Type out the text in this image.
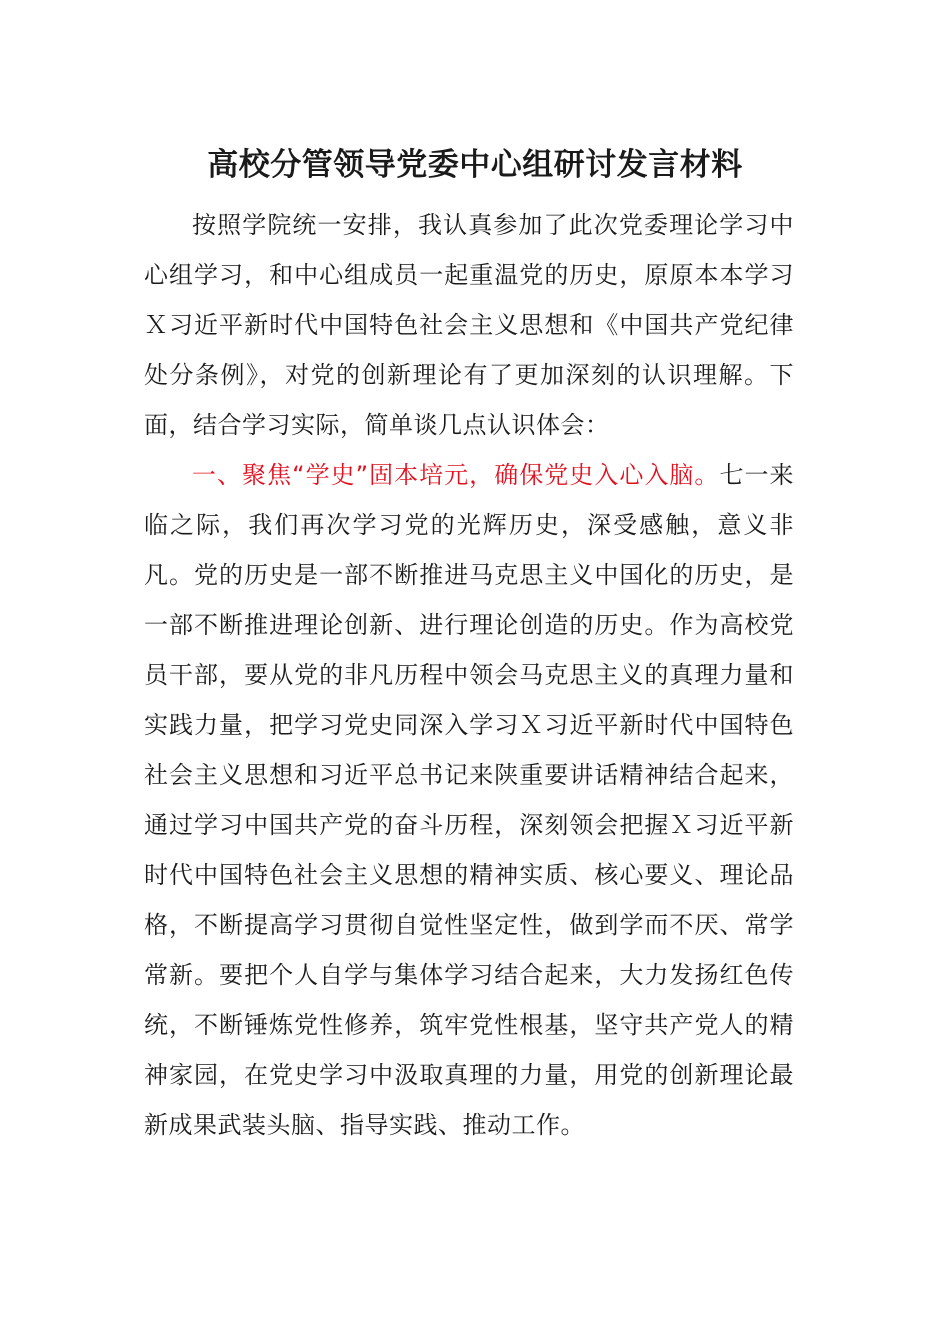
高校分管领导党委中心组研讨发言材料

按照学院统一安排，我认真参加了此次党委理论学习中心组学习，和中心组成员一起重温党的历史，原原本本学习Ｘ习近平新时代中国特色社会主义思想和《中国共产党纪律处分条例》，对党的创新理论有了更加深刻的认识理解。下面，结合学习实际，简单谈几点认识体会：

一、聚焦“学史”固本培元，确保党史入心入脑。七一来临之际，我们再次学习党的光辉历史，深受感触，意义非凡。党的历史是一部不断推进马克思主义中国化的历史，是一部不断推进理论创新、进行理论创造的历史。作为高校党员干部，要从党的非凡历程中领会马克思主义的真理力量和实践力量，把学习党史同深入学习Ｘ习近平新时代中国特色社会主义思想和习近平总书记来陕重要讲话精神结合起来，通过学习中国共产党的奋斗历程，深刻领会把握Ｘ习近平新时代中国特色社会主义思想的精神实质、核心要义、理论品格，不断提高学习贯彻自觉性坚定性，做到学而不厌、常学常新。要把个人自学与集体学习结合起来，大力发扬红色传统，不断锤炼党性修养，筑牢党性根基，坚守共产党人的精神家园，在党史学习中汲取真理的力量，用党的创新理论最新成果武装头脑、指导实践、推动工作。
